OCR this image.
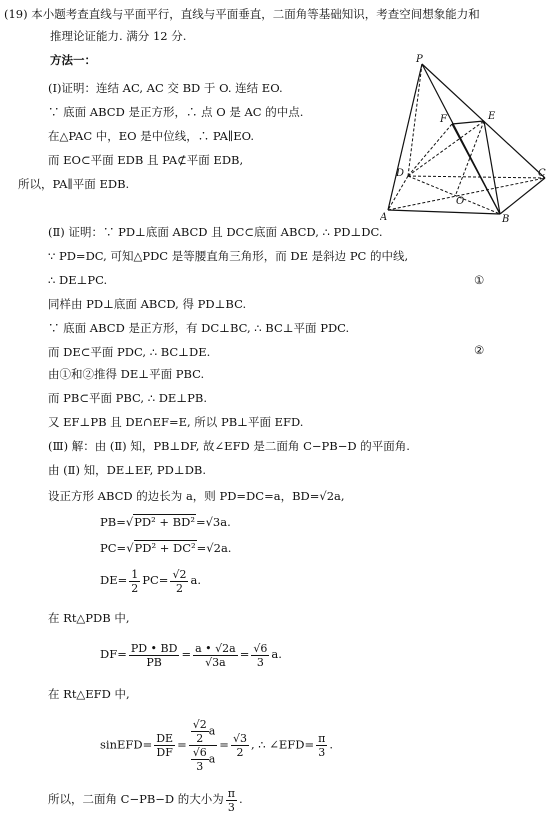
(19) 本小题考查直线与平面平行，直线与平面垂直，二面角等基础知识，考查空间想象能力和
推理论证能力. 满分 12 分.
方法一：
(Ⅰ)证明：连结 AC, AC 交 BD 于 O. 连结 EO.
∵ 底面 ABCD 是正方形，∴ 点 O 是 AC 的中点.
在△PAC 中，EO 是中位线，∴ PA∥EO.
而 EO⊂平面 EDB 且 PA⊄平面 EDB,
所以，PA∥平面 EDB.
P
F	E
D
O
C
A	B
(Ⅱ) 证明：∵ PD⊥底面 ABCD 且 DC⊂底面 ABCD, ∴ PD⊥DC.
∵ PD=DC, 可知△PDC 是等腰直角三角形，而 DE 是斜边 PC 的中线,
∴ DE⊥PC.	①
同样由 PD⊥底面 ABCD, 得 PD⊥BC.
∵ 底面 ABCD 是正方形，有 DC⊥BC, ∴ BC⊥平面 PDC.
而 DE⊂平面 PDC, ∴ BC⊥DE.	②
由①和②推得 DE⊥平面 PBC.
而 PB⊂平面 PBC, ∴ DE⊥PB.
又 EF⊥PB 且 DE∩EF=E, 所以 PB⊥平面 EFD.
(Ⅲ) 解：由 (Ⅱ) 知，PB⊥DF, 故∠EFD 是二面角 C−PB−D 的平面角.
由 (Ⅱ) 知，DE⊥EF, PD⊥DB.
设正方形 ABCD 的边长为 a，则 PD=DC=a，BD=√2a,
PB=√PD² + BD²=√3a.
PC=√PD² + DC²=√2a.
$DE= \frac{1}{2} PC= \frac{√2}{2} a$.
在 Rt△PDB 中,
$DF= \frac{PD • BD}{PB} = \frac{a • √2a}{√3a} = \frac{√6}{3} a$.
在 Rt△EFD 中,
sinEFD= $\frac{DE}{DF} = \frac{\frac{√2}{2} a}{\frac{√6}{3} a} = \frac{√3}{2}$ , ∴ ∠EFD= $\frac{\pi}{3}$ .
所以，二面角 C−PB−D 的大小为 $\frac{\pi}{3}$ .
